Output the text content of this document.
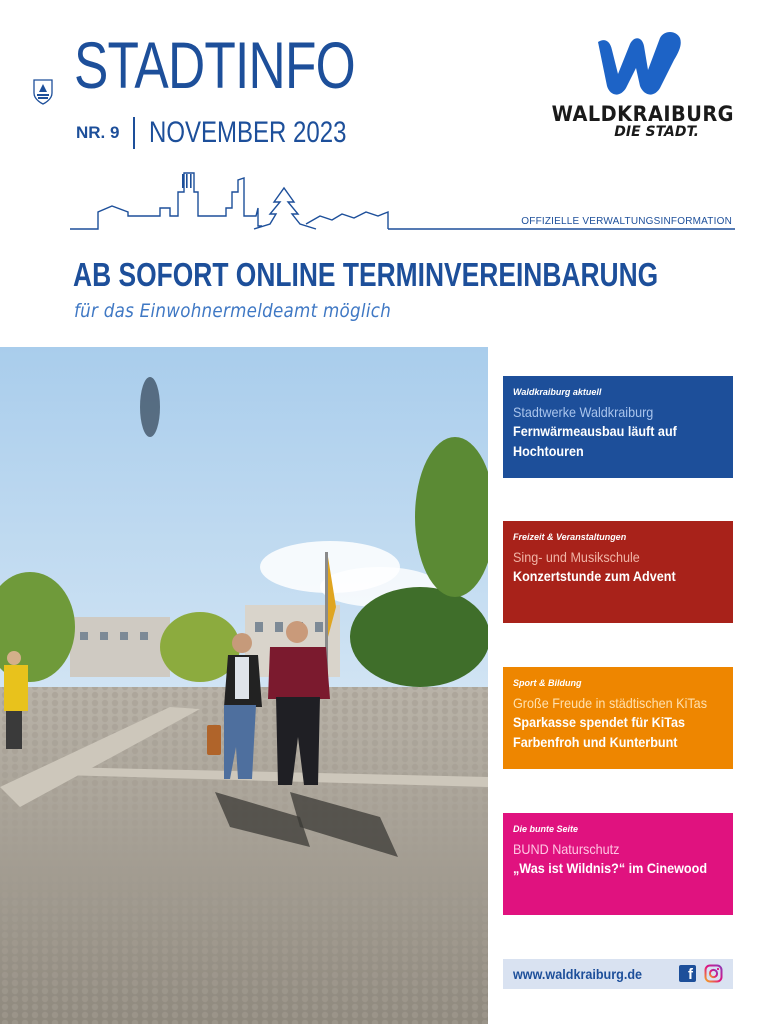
STADTINFO
NR. 9 NOVEMBER 2023
WALDKRAIBURG
DIE STADT.
OFFIZIELLE VERWALTUNGSINFORMATION
AB SOFORT ONLINE TERMINVEREINBARUNG
für das Einwohnermeldeamt möglich
Waldkraiburg aktuell
Stadtwerke Waldkraiburg
Fernwärmeausbau läuft auf
Hochtouren
Freizeit & Veranstaltungen
Sing- und Musikschule
Konzertstunde zum Advent
Sport & Bildung
Große Freude in städtischen KiTas
Sparkasse spendet für KiTas
Farbenfroh und Kunterbunt
Die bunte Seite
BUND Naturschutz
„Was ist Wildnis?“ im Cinewood
www.waldkraiburg.de	f
